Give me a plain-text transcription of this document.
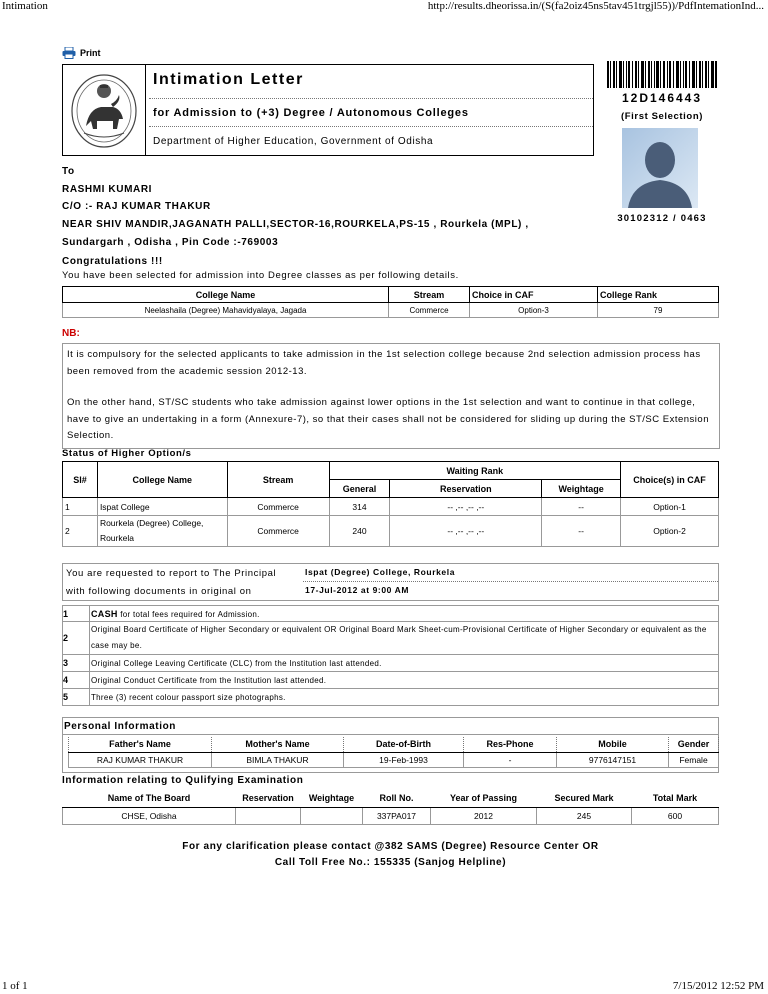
Intimation	http://results.dheorissa.in/(S(fa2oiz45ns5tav451trgjl55))/PdfIntemationInd...
1 of 1	7/15/2012 12:52 PM
Print
Intimation Letter
for Admission to (+3) Degree / Autonomous Colleges
Department of Higher Education, Government of Odisha
12D146443
(First Selection)
30102312 / 0463
To
RASHMI KUMARI
C/O :- RAJ KUMAR THAKUR
NEAR SHIV MANDIR,JAGANATH PALLI,SECTOR-16,ROURKELA,PS-15 , Rourkela (MPL) ,
Sundargarh , Odisha , Pin Code :-769003
Congratulations !!!
You have been selected for admission into Degree classes as per following details.
College Name	Stream	Choice in CAF	College Rank
Neelashaila (Degree) Mahavidyalaya, Jagada	Commerce	Option-3	79
NB:
It is compulsory for the selected applicants to take admission in the 1st selection college because 2nd selection admission process has been removed from the academic session 2012-13.
On the other hand, ST/SC students who take admission against lower options in the 1st selection and want to continue in that college, have to give an undertaking in a form (Annexure-7), so that their cases shall not be considered for sliding up during the ST/SC Extension Selection.
Status of Higher Option/s
Sl#	College Name	Stream	Waiting Rank			Choice(s) in CAF
			General	Reservation	Weightage	
1	Ispat College	Commerce	314	-- ,-- ,-- ,--	--	Option-1
2	Rourkela (Degree) College, Rourkela	Commerce	240	-- ,-- ,-- ,--	--	Option-2
You are requested to report to The Principal
with following documents in original on
Ispat (Degree) College, Rourkela
17-Jul-2012 at 9:00 AM
1	CASH for total fees required for Admission.
2	Original Board Certificate of Higher Secondary or equivalent OR Original Board Mark Sheet-cum-Provisional Certificate of Higher Secondary or equivalent as the case may be.
3	Original College Leaving Certificate (CLC) from the Institution last attended.
4	Original Conduct Certificate from the Institution last attended.
5	Three (3) recent colour passport size photographs.
Personal Information
Father's Name	Mother's Name	Date-of-Birth	Res-Phone	Mobile	Gender
RAJ KUMAR THAKUR	BIMLA THAKUR	19-Feb-1993	-	9776147151	Female
Information relating to Qulifying Examination
Name of The Board	Reservation	Weightage	Roll No.	Year of Passing	Secured Mark	Total Mark
CHSE, Odisha			337PA017	2012	245	600
For any clarification please contact @382 SAMS (Degree) Resource Center OR
Call Toll Free No.: 155335 (Sanjog Helpline)
